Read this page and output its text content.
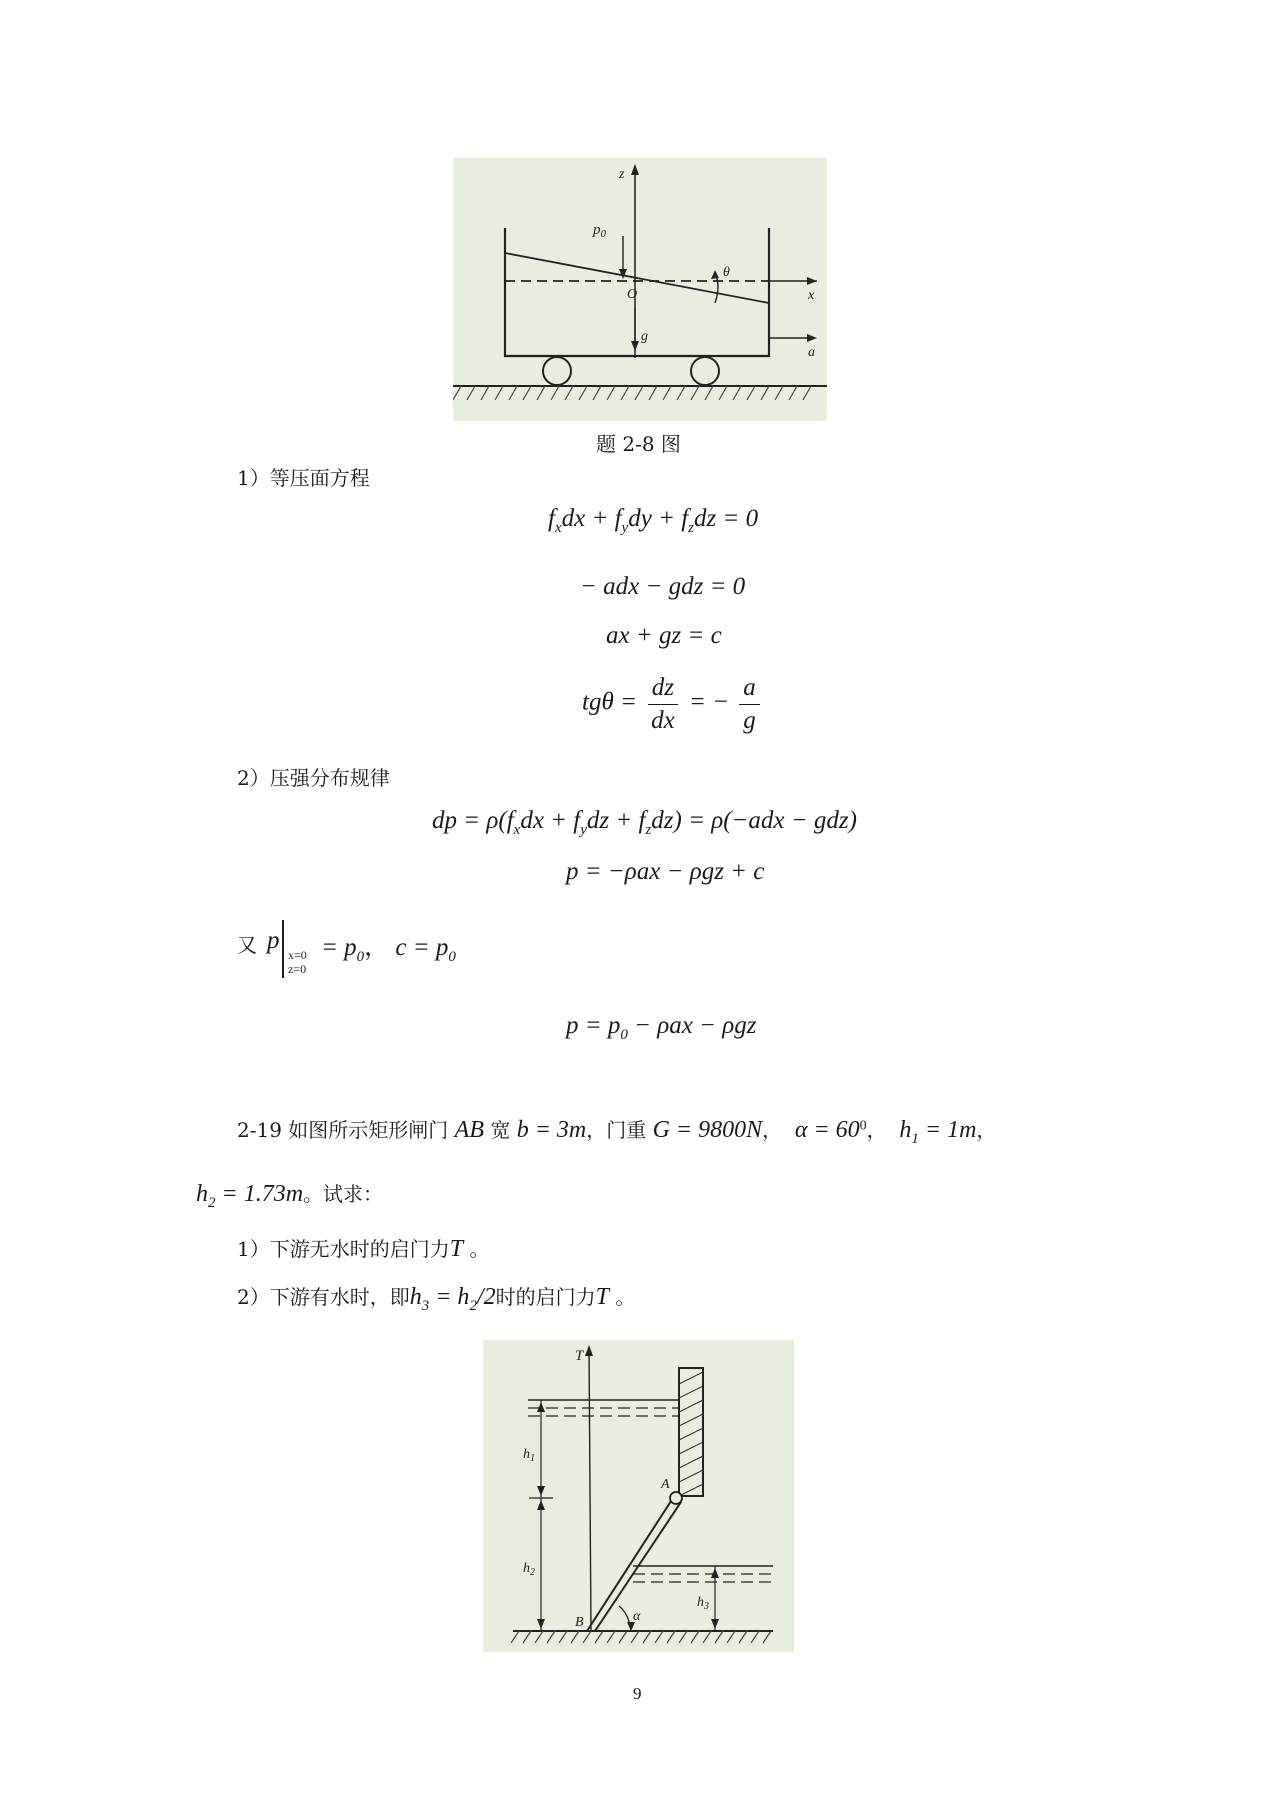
z
$p_0$
θ
O	x
g
a
题 2-8 图
1）等压面方程
$f_xdx + f_ydy + f_zdz = 0$
− adx − gdz = 0
ax + gz = c
$tg\theta = \frac{dz}{dx}$ = − $\frac{a}{g}$
2）压强分布规律
dp = $\rho(f_xdx + f_ydz + f_zdz) = \rho(-adx - gdz)$
p = −ρax − ρgz + c
又 p
x=0
z=0
= $p_0$， $c = p_0$
$p = p_0 - \rho ax - \rho gz$
2-19 如图所示矩形闸门 AB 宽 b = 3m，门重 G = 9800N， $\alpha = 60^0$， $h_1 = 1m$，
$h_2 = 1.73m$。试求：
1）下游无水时的启门力T 。
2）下游有水时，即$h_3 = h_2/2$时的启门力T 。
T
A
B	α
$h_1$
$h_2$
$h_3$
9
